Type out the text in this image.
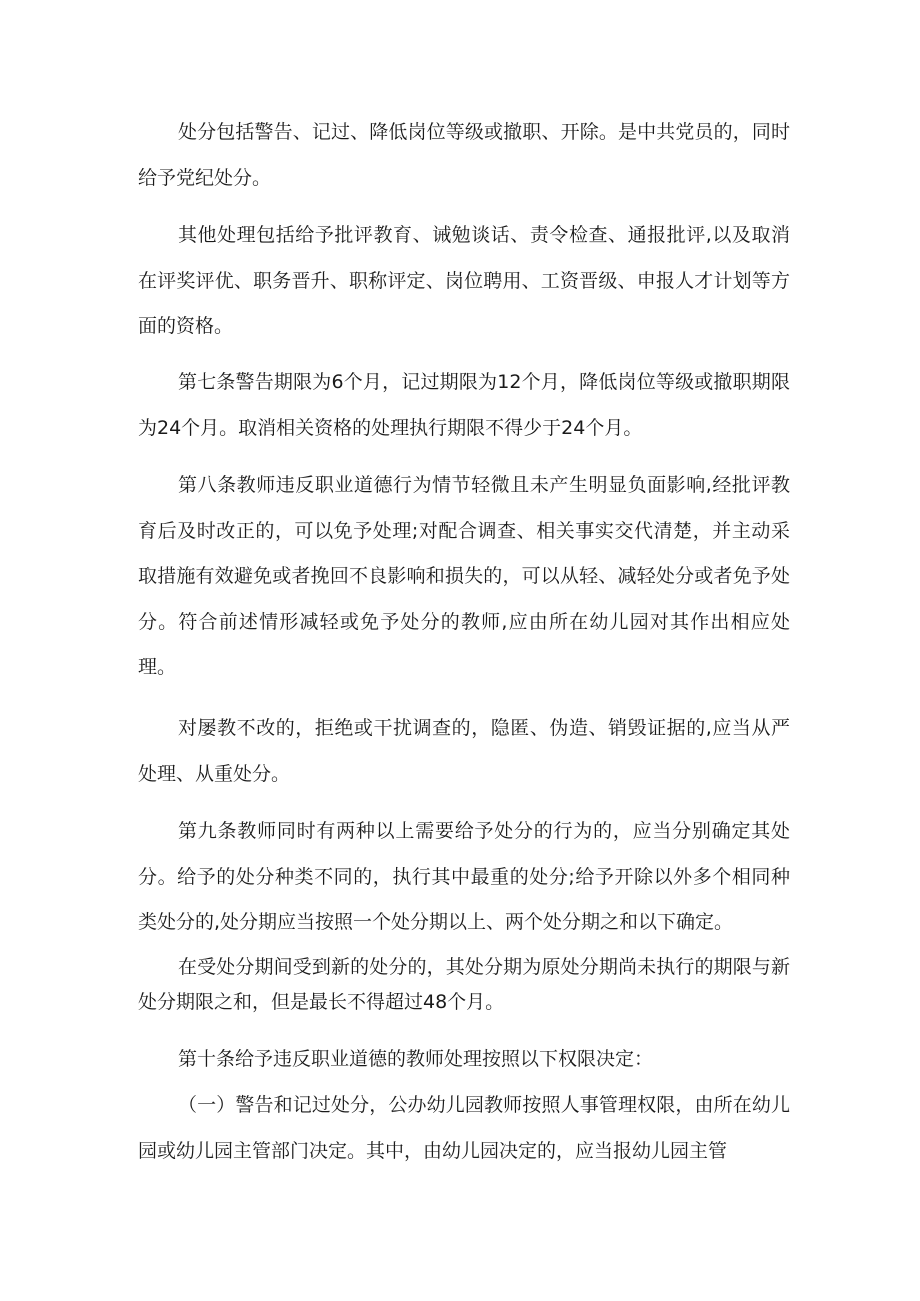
处分包括警告、记过、降低岗位等级或撤职、开除。是中共党员的，同时给予党纪处分。

其他处理包括给予批评教育、诫勉谈话、责令检查、通报批评,以及取消在评奖评优、职务晋升、职称评定、岗位聘用、工资晋级、申报人才计划等方面的资格。

第七条警告期限为6个月，记过期限为12个月，降低岗位等级或撤职期限为24个月。取消相关资格的处理执行期限不得少于24个月。

第八条教师违反职业道德行为情节轻微且未产生明显负面影响,经批评教育后及时改正的，可以免予处理;对配合调查、相关事实交代清楚，并主动采取措施有效避免或者挽回不良影响和损失的，可以从轻、减轻处分或者免予处分。符合前述情形减轻或免予处分的教师,应由所在幼儿园对其作出相应处理。

对屡教不改的，拒绝或干扰调查的，隐匿、伪造、销毁证据的,应当从严处理、从重处分。

第九条教师同时有两种以上需要给予处分的行为的，应当分别确定其处分。给予的处分种类不同的，执行其中最重的处分;给予开除以外多个相同种类处分的,处分期应当按照一个处分期以上、两个处分期之和以下确定。

在受处分期间受到新的处分的，其处分期为原处分期尚未执行的期限与新处分期限之和，但是最长不得超过48个月。

第十条给予违反职业道德的教师处理按照以下权限决定：

（一）警告和记过处分，公办幼儿园教师按照人事管理权限，由所在幼儿园或幼儿园主管部门决定。其中，由幼儿园决定的，应当报幼儿园主管
